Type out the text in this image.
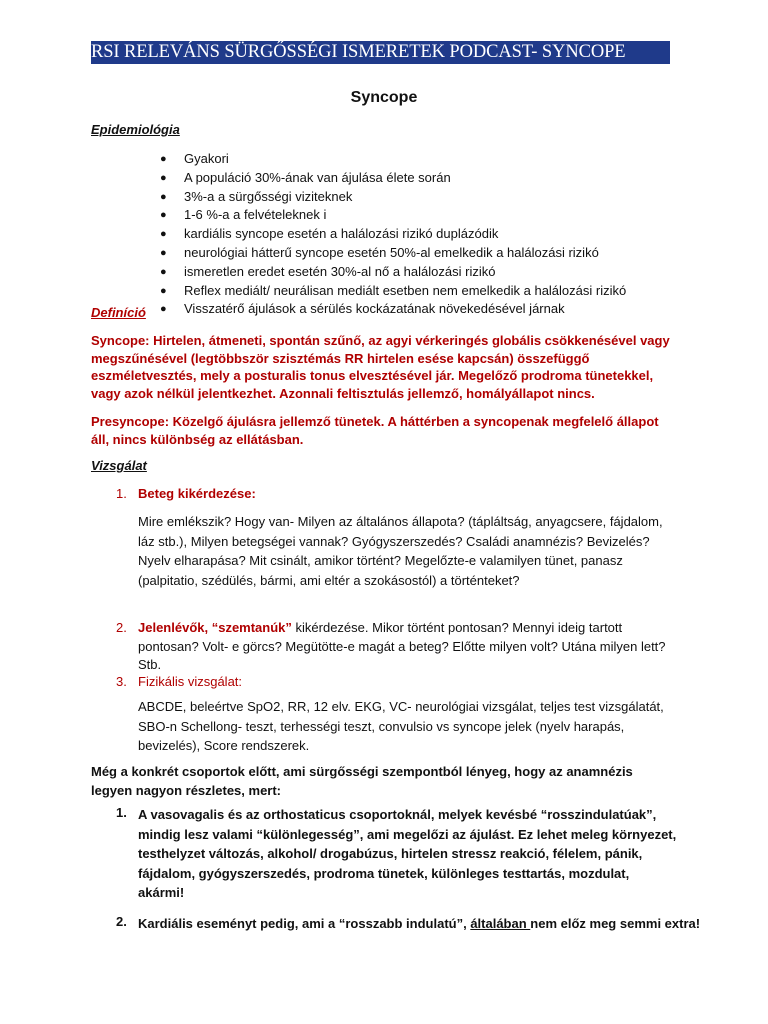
RSI RELEVÁNS SÜRGŐSSÉGI ISMERETEK PODCAST- SYNCOPE
Syncope
Epidemiológia
● Gyakori
● A populáció 30%-ának van ájulása élete során
● 3%-a a sürgősségi viziteknek
● 1-6 %-a a felvételeknek i
● kardiális syncope esetén a halálozási rizikó duplázódik
● neurológiai hátterű syncope esetén 50%-al emelkedik a halálozási rizikó
● ismeretlen eredet esetén 30%-al nő a halálozási rizikó
● Reflex mediált/ neurálisan mediált esetben nem emelkedik a halálozási rizikó
● Visszatérő ájulások a sérülés kockázatának növekedésével járnak
Definíció
Syncope: Hirtelen, átmeneti, spontán szűnő, az agyi vérkeringés globális csökkenésével vagy megszűnésével (legtöbbször szisztémás RR hirtelen esése kapcsán) összefüggő eszméletvesztés, mely a posturalis tonus elvesztésével jár. Megelőző prodroma tünetekkel, vagy azok nélkül jelentkezhet. Azonnali feltisztulás jellemző, homályállapot nincs.
Presyncope: Közelgő ájulásra jellemző tünetek. A háttérben a syncopenak megfelelő állapot áll, nincs különbség az ellátásban.
Vizsgálat
1. Beteg kikérdezése:
Mire emlékszik? Hogy van- Milyen az általános állapota? (tápláltság, anyagcsere, fájdalom, láz stb.), Milyen betegségei vannak? Gyógyszerszedés? Családi anamnézis? Bevizelés? Nyelv elharapása? Mit csinált, amikor történt? Megelőzte-e valamilyen tünet, panasz (palpitatio, szédülés, bármi, ami eltér a szokásostól) a történteket?
2. Jelenlévők, “szemtanúk” kikérdezése. Mikor történt pontosan? Mennyi ideig tartott
pontosan? Volt- e görcs? Megütötte-e magát a beteg? Előtte milyen volt? Utána milyen lett?
Stb.
3. Fizikális vizsgálat:
ABCDE, beleértve SpO2, RR, 12 elv. EKG, VC- neurológiai vizsgálat, teljes test vizsgálatát, SBO-n Schellong- teszt, terhességi teszt, convulsio vs syncope jelek (nyelv harapás, bevizelés), Score rendszerek.
Még a konkrét csoportok előtt, ami sürgősségi szempontból lényeg, hogy az anamnézis legyen nagyon részletes, mert:
1. A vasovagalis és az orthostaticus csoportoknál, melyek kevésbé “rosszindulatúak”, mindig lesz valami “különlegesség”, ami megelőzi az ájulást. Ez lehet meleg környezet, testhelyzet változás, alkohol/ drogabúzus, hirtelen stressz reakció, félelem, pánik, fájdalom, gyógyszerszedés, prodroma tünetek, különleges testtartás, mozdulat, akármi!
2. Kardiális eseményt pedig, ami a “rosszabb indulatú”, általában nem előz meg semmi extra!
